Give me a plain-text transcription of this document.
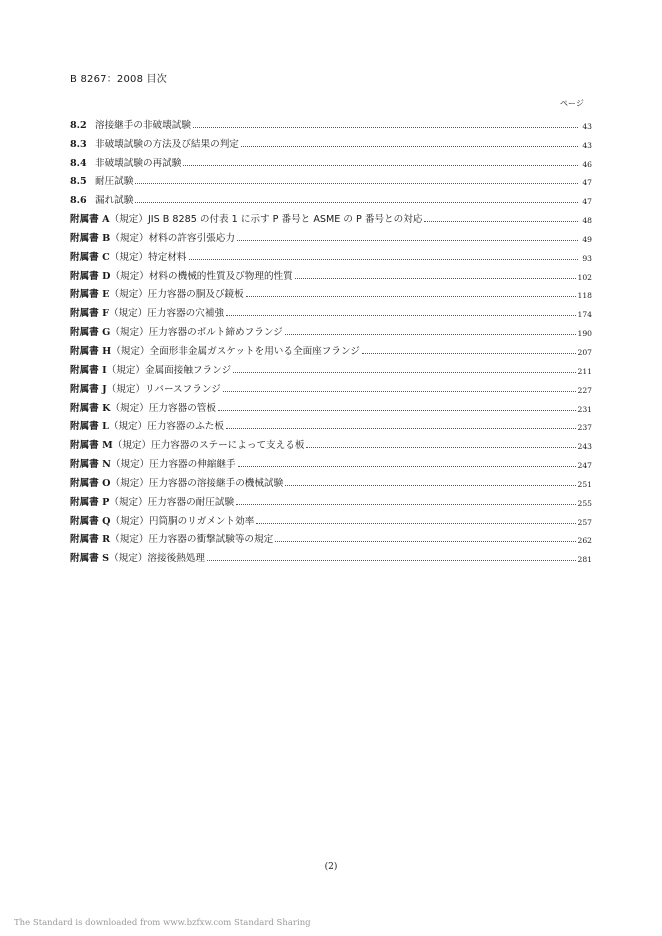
B 8267：2008 目次
ページ
8.2 溶接継手の非破壊試験	43
8.3 非破壊試験の方法及び結果の判定	43
8.4 非破壊試験の再試験	46
8.5 耐圧試験	47
8.6 漏れ試験	47
附属書 A （規定）JIS B 8285 の付表 1 に示す P 番号と ASME の P 番号との対応	48
附属書 B （規定）材料の許容引張応力	49
附属書 C （規定）特定材料	93
附属書 D （規定）材料の機械的性質及び物理的性質	102
附属書 E （規定）圧力容器の胴及び鏡板	118
附属書 F （規定）圧力容器の穴補強	174
附属書 G （規定）圧力容器のボルト締めフランジ	190
附属書 H （規定）全面形非金属ガスケットを用いる全面座フランジ	207
附属書 I （規定）金属面接触フランジ	211
附属書 J （規定）リバースフランジ	227
附属書 K （規定）圧力容器の管板	231
附属書 L （規定）圧力容器のふた板	237
附属書 M （規定）圧力容器のステーによって支える板	243
附属書 N （規定）圧力容器の伸縮継手	247
附属書 O （規定）圧力容器の溶接継手の機械試験	251
附属書 P （規定）圧力容器の耐圧試験	255
附属書 Q （規定）円筒胴のリガメント効率	257
附属書 R （規定）圧力容器の衝撃試験等の規定	262
附属書 S （規定）溶接後熱処理	281
(2)
The Standard is downloaded from www.bzfxw.com Standard Sharing
